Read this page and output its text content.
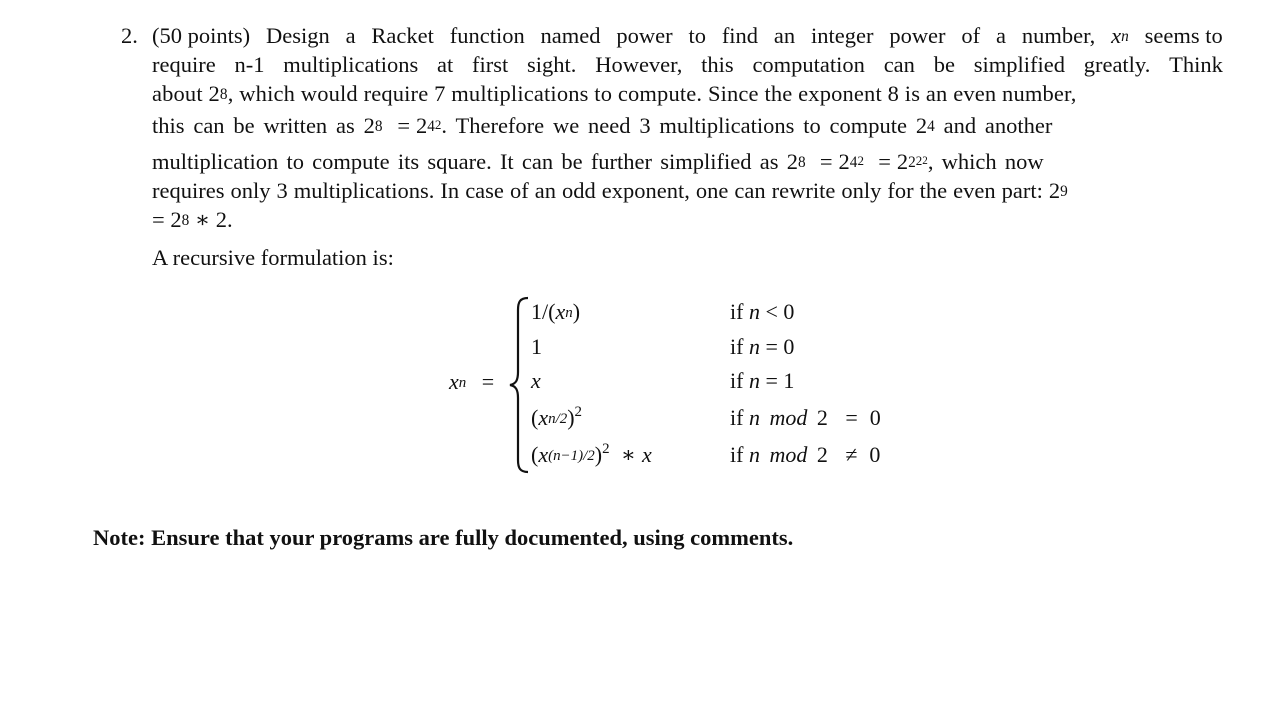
2. (50 points) Design a Racket function named power to find an integer power of a number, $x^n$ seems to
require n-1 multiplications at first sight. However, this computation can be simplified greatly. Think
about $2^8$, which would require 7 multiplications to compute. Since the exponent 8 is an even number,
this can be written as $2^8 = 2^{4^2}$. Therefore we need 3 multiplications to compute $2^4$ and another
multiplication to compute its square. It can be further simplified as $2^8 = 2^{4^2} = 2^{2^{2^2}}$, which now
requires only 3 multiplications. In case of an odd exponent, one can rewrite only for the even part: $2^9$
= $2^8$ ∗ 2.
A recursive formulation is:
$x^n$ =
$1/(x^n)$	if n < 0
1	if n = 0
x	if n = 1
$(x^{n/2})^2$	if n mod 2 = 0
$(x^{(n-1)/2})^2$ ∗ x	if n mod 2 ≠ 0
Note: Ensure that your programs are fully documented, using comments.
